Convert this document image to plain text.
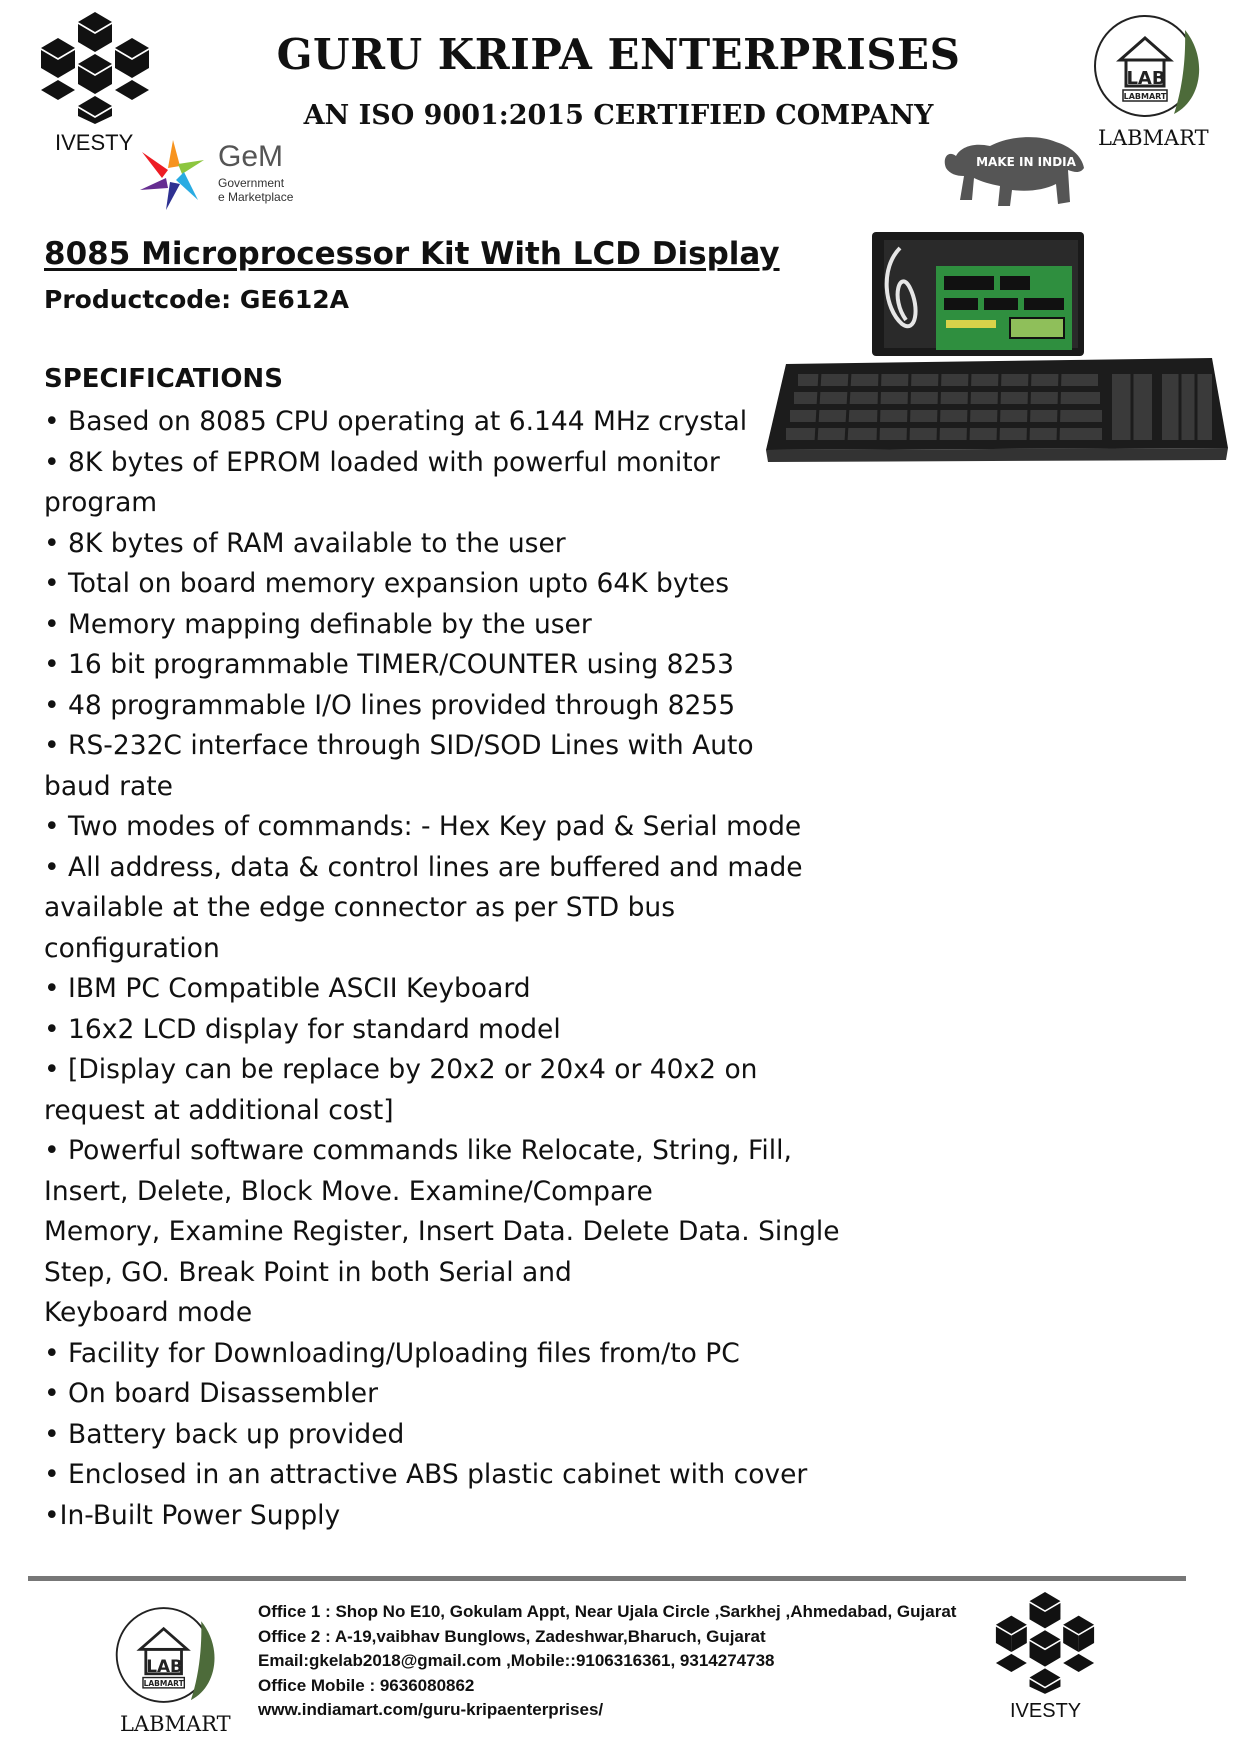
GURU KRIPA ENTERPRISES
AN ISO 9001:2015 CERTIFIED COMPANY
IVESTY	GeM
Government
e Marketplace
LAB
LABMART
LABMART
MAKE IN INDIA
8085 Microprocessor Kit With LCD Display
Productcode: GE612A
SPECIFICATIONS
• Based on 8085 CPU operating at 6.144 MHz crystal
• 8K bytes of EPROM loaded with powerful monitor
program
• 8K bytes of RAM available to the user
• Total on board memory expansion upto 64K bytes
• Memory mapping definable by the user
• 16 bit programmable TIMER/COUNTER using 8253
• 48 programmable I/O lines provided through 8255
• RS-232C interface through SID/SOD Lines with Auto
baud rate
• Two modes of commands: - Hex Key pad & Serial mode
• All address, data & control lines are buffered and made
available at the edge connector as per STD bus
configuration
• IBM PC Compatible ASCII Keyboard
• 16x2 LCD display for standard model
• [Display can be replace by 20x2 or 20x4 or 40x2 on
request at additional cost]
• Powerful software commands like Relocate, String, Fill,
Insert, Delete, Block Move. Examine/Compare
Memory, Examine Register, Insert Data. Delete Data. Single
Step, GO. Break Point in both Serial and
Keyboard mode
• Facility for Downloading/Uploading files from/to PC
• On board Disassembler
• Battery back up provided
• Enclosed in an attractive ABS plastic cabinet with cover
•In-Built Power Supply
LAB
LABMART
LABMART
Office 1 : Shop No E10, Gokulam Appt, Near Ujala Circle ,Sarkhej ,Ahmedabad, Gujarat
Office 2 : A-19,vaibhav Bunglows, Zadeshwar,Bharuch, Gujarat
Email:gkelab2018@gmail.com ,Mobile::9106316361, 9314274738
Office Mobile : 9636080862
www.indiamart.com/guru-kripaenterprises/	IVESTY
